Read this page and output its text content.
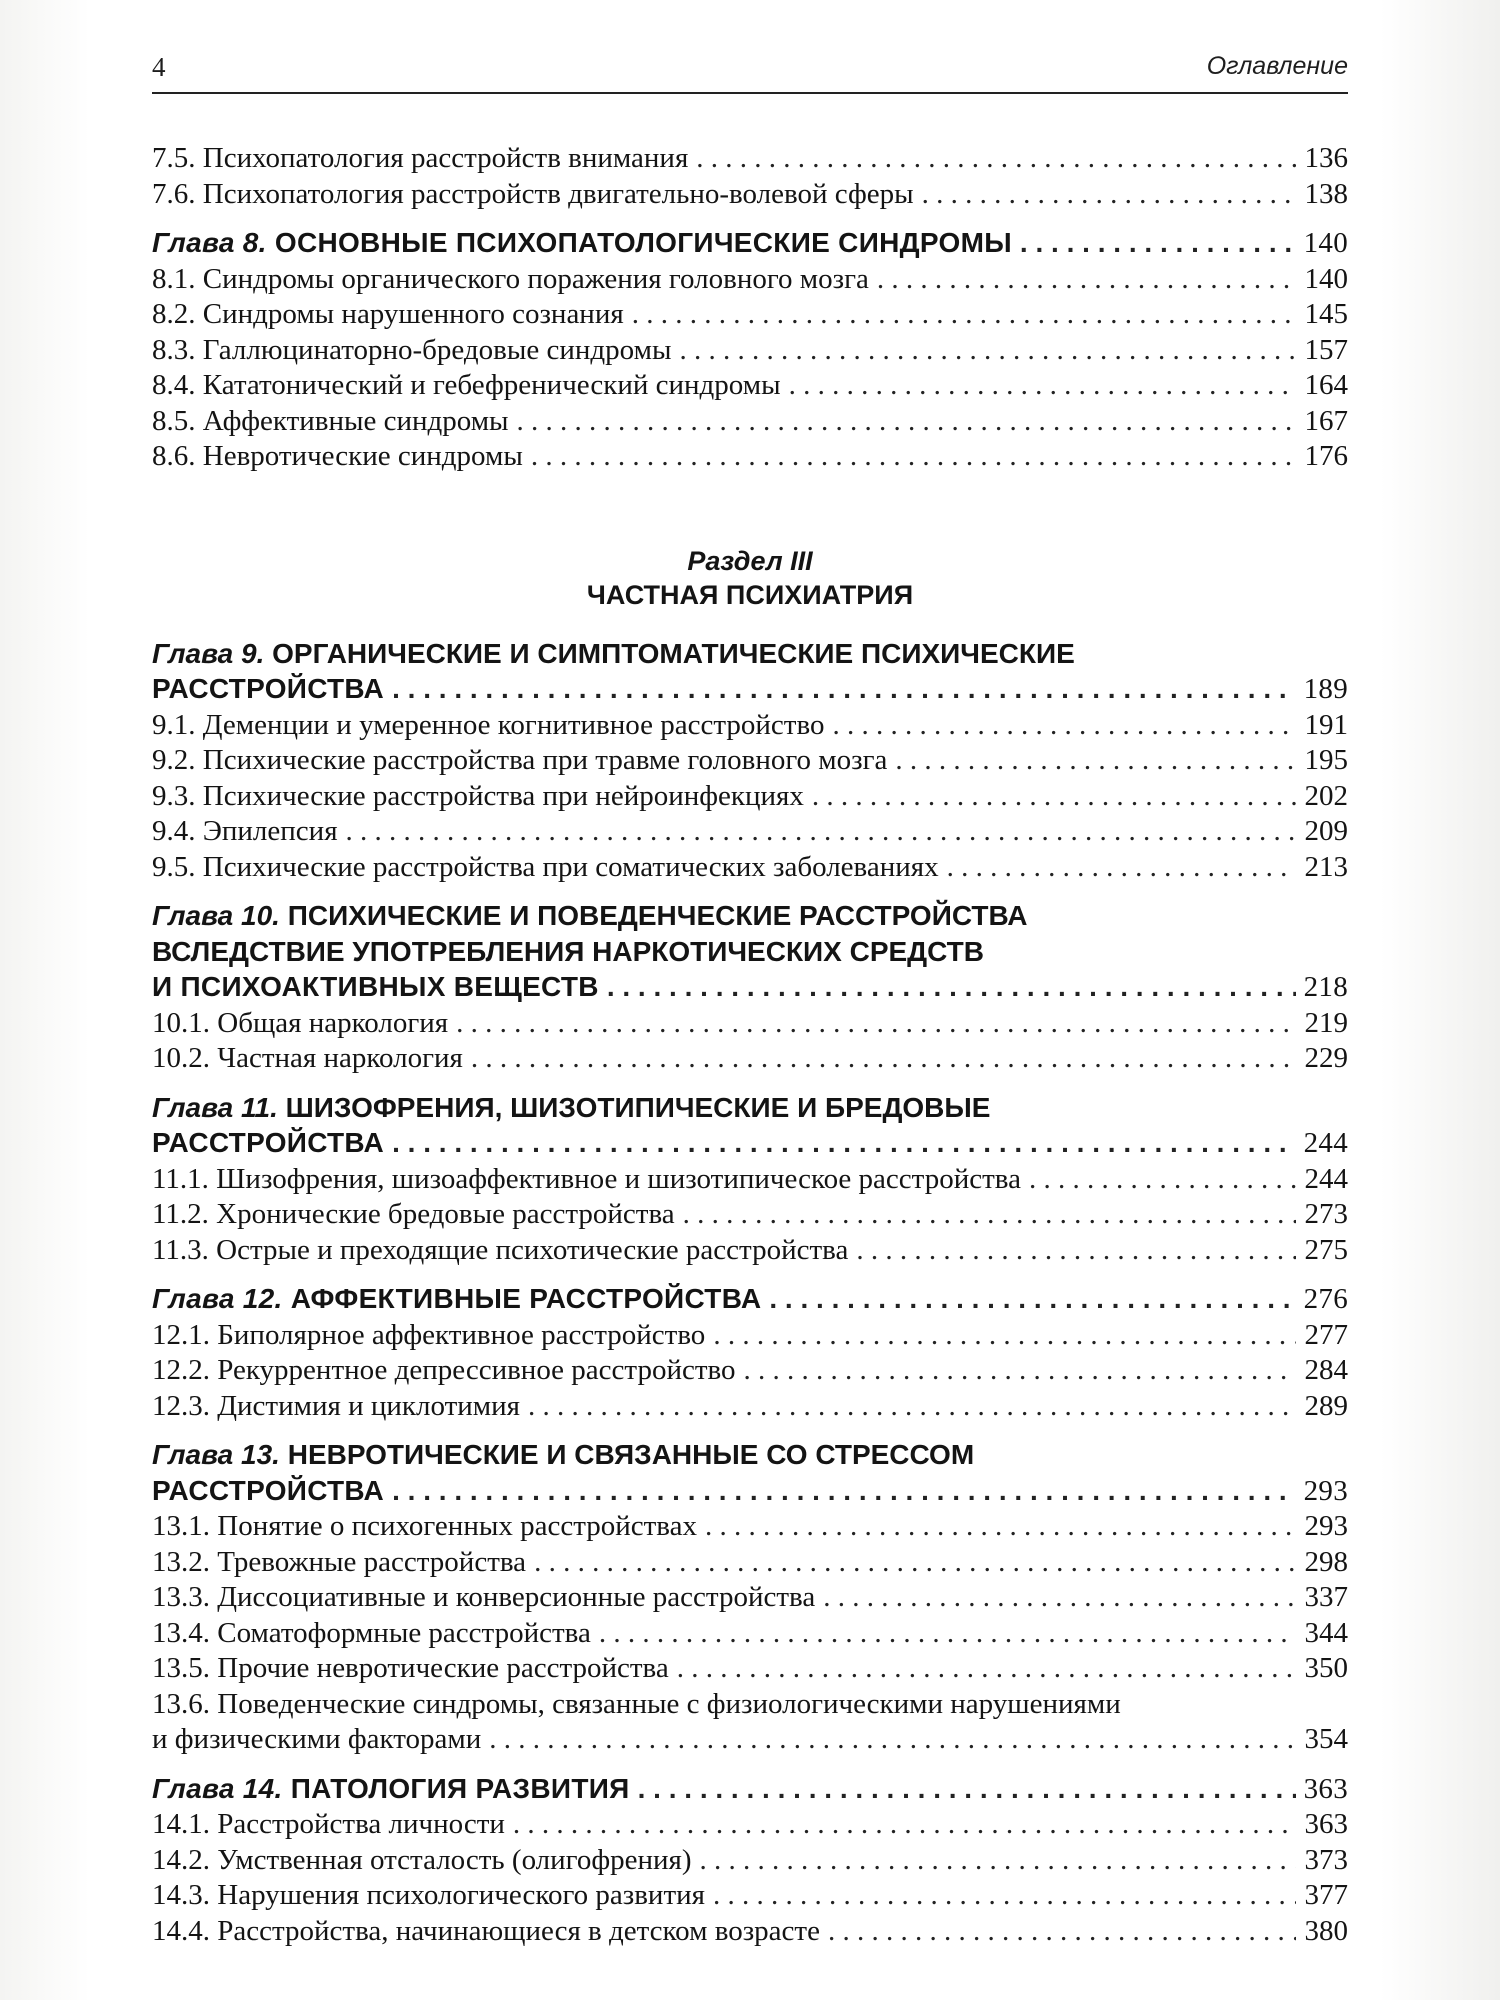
4	Оглавление
7.5. Психопатология расстройств внимания . . .	136
7.6. Психопатология расстройств двигательно-волевой сферы . . .	138
Глава 8. ОСНОВНЫЕ ПСИХОПАТОЛОГИЧЕСКИЕ СИНДРОМЫ . . .	140
8.1. Синдромы органического поражения головного мозга . . .	140
8.2. Синдромы нарушенного сознания . . .	145
8.3. Галлюцинаторно-бредовые синдромы . . .	157
8.4. Кататонический и гебефренический синдромы . . .	164
8.5. Аффективные синдромы . . .	167
8.6. Невротические синдромы . . .	176
Раздел III
ЧАСТНАЯ ПСИХИАТРИЯ
Глава 9. ОРГАНИЧЕСКИЕ И СИМПТОМАТИЧЕСКИЕ ПСИХИЧЕСКИЕ
РАССТРОЙСТВА . . .	189
9.1. Деменции и умеренное когнитивное расстройство . . .	191
9.2. Психические расстройства при травме головного мозга . . .	195
9.3. Психические расстройства при нейроинфекциях . . .	202
9.4. Эпилепсия . . .	209
9.5. Психические расстройства при соматических заболеваниях . . .	213
Глава 10. ПСИХИЧЕСКИЕ И ПОВЕДЕНЧЕСКИЕ РАССТРОЙСТВА
ВСЛЕДСТВИЕ УПОТРЕБЛЕНИЯ НАРКОТИЧЕСКИХ СРЕДСТВ
И ПСИХОАКТИВНЫХ ВЕЩЕСТВ . . .	218
10.1. Общая наркология . . .	219
10.2. Частная наркология . . .	229
Глава 11. ШИЗОФРЕНИЯ, ШИЗОТИПИЧЕСКИЕ И БРЕДОВЫЕ
РАССТРОЙСТВА . . .	244
11.1. Шизофрения, шизоаффективное и шизотипическое расстройства . . .	244
11.2. Хронические бредовые расстройства . . .	273
11.3. Острые и преходящие психотические расстройства . . .	275
Глава 12. АФФЕКТИВНЫЕ РАССТРОЙСТВА . . .	276
12.1. Биполярное аффективное расстройство . . .	277
12.2. Рекуррентное депрессивное расстройство . . .	284
12.3. Дистимия и циклотимия . . .	289
Глава 13. НЕВРОТИЧЕСКИЕ И СВЯЗАННЫЕ СО СТРЕССОМ
РАССТРОЙСТВА . . .	293
13.1. Понятие о психогенных расстройствах . . .	293
13.2. Тревожные расстройства . . .	298
13.3. Диссоциативные и конверсионные расстройства . . .	337
13.4. Соматоформные расстройства . . .	344
13.5. Прочие невротические расстройства . . .	350
13.6. Поведенческие синдромы, связанные с физиологическими нарушениями
и физическими факторами . . .	354
Глава 14. ПАТОЛОГИЯ РАЗВИТИЯ . . .	363
14.1. Расстройства личности . . .	363
14.2. Умственная отсталость (олигофрения) . . .	373
14.3. Нарушения психологического развития . . .	377
14.4. Расстройства, начинающиеся в детском возрасте . . .	380
